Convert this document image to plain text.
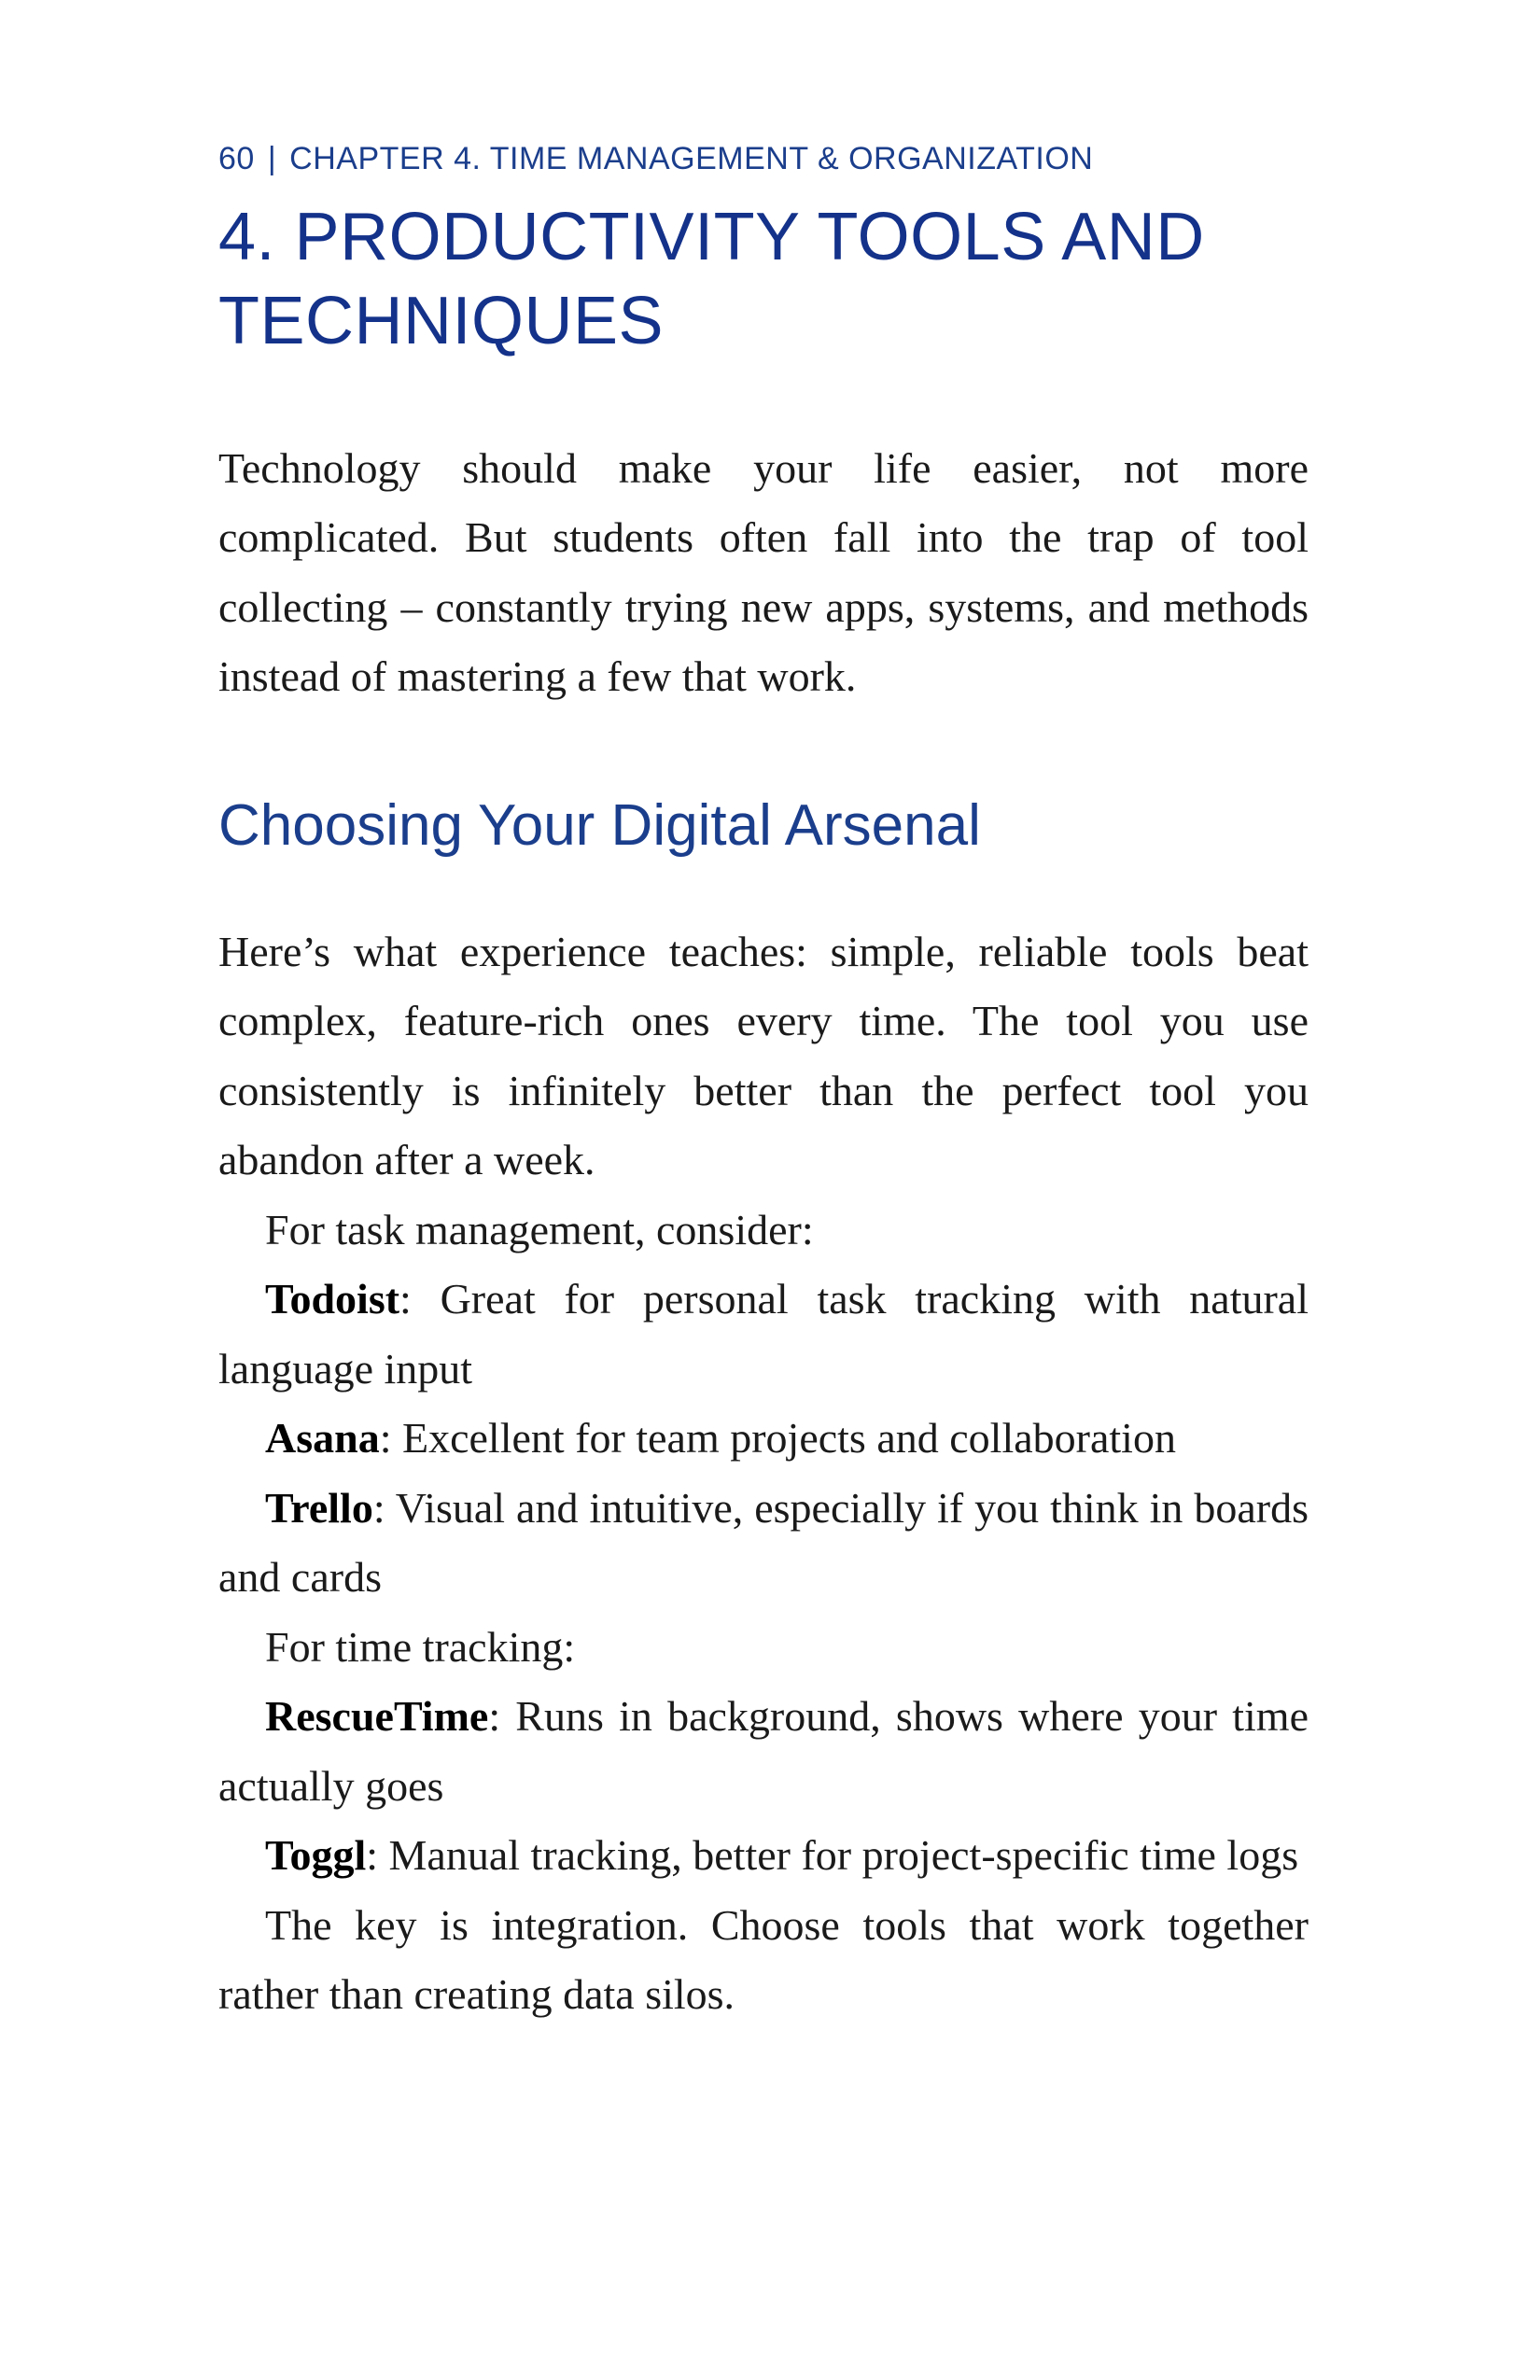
60 | CHAPTER 4. TIME MANAGEMENT & ORGANIZATION

4. PRODUCTIVITY TOOLS AND TECHNIQUES

Technology should make your life easier, not more complicated. But students often fall into the trap of tool collecting – constantly trying new apps, systems, and methods instead of mastering a few that work.

Choosing Your Digital Arsenal

Here’s what experience teaches: simple, reliable tools beat complex, feature-rich ones every time. The tool you use consistently is infinitely better than the perfect tool you abandon after a week.

For task management, consider:

Todoist: Great for personal task tracking with natural language input

Asana: Excellent for team projects and collaboration

Trello: Visual and intuitive, especially if you think in boards and cards

For time tracking:

RescueTime: Runs in background, shows where your time actually goes

Toggl: Manual tracking, better for project-specific time logs

The key is integration. Choose tools that work together rather than creating data silos.
